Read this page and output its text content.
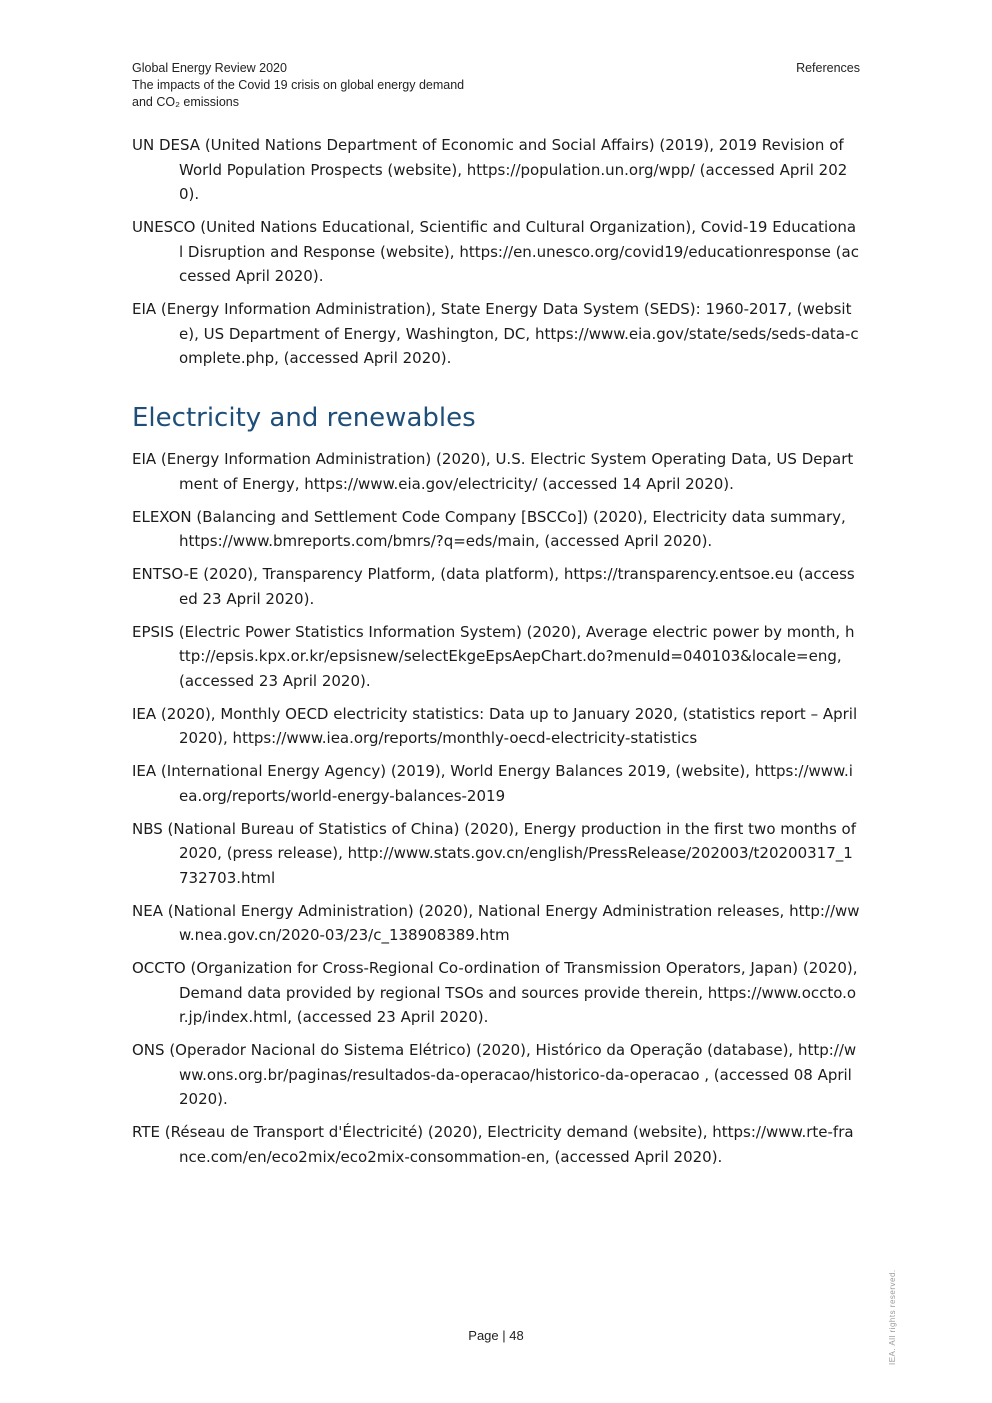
Global Energy Review 2020
The impacts of the Covid 19 crisis on global energy demand
and CO₂ emissions
References

UN DESA (United Nations Department of Economic and Social Affairs) (2019), 2019 Revision of World Population Prospects (website), https://population.un.org/wpp/ (accessed April 2020).

UNESCO (United Nations Educational, Scientific and Cultural Organization), Covid-19 Educational Disruption and Response (website), https://en.unesco.org/covid19/educationresponse (accessed April 2020).

EIA (Energy Information Administration), State Energy Data System (SEDS): 1960-2017, (website), US Department of Energy, Washington, DC, https://www.eia.gov/state/seds/seds-data-complete.php, (accessed April 2020).

Electricity and renewables

EIA (Energy Information Administration) (2020), U.S. Electric System Operating Data, US Department of Energy, https://www.eia.gov/electricity/ (accessed 14 April 2020).

ELEXON (Balancing and Settlement Code Company [BSCCo]) (2020), Electricity data summary, https://www.bmreports.com/bmrs/?q=eds/main, (accessed April 2020).

ENTSO-E (2020), Transparency Platform, (data platform), https://transparency.entsoe.eu (accessed 23 April 2020).

EPSIS (Electric Power Statistics Information System) (2020), Average electric power by month, http://epsis.kpx.or.kr/epsisnew/selectEkgeEpsAepChart.do?menuId=040103&locale=eng, (accessed 23 April 2020).

IEA (2020), Monthly OECD electricity statistics: Data up to January 2020, (statistics report – April 2020), https://www.iea.org/reports/monthly-oecd-electricity-statistics

IEA (International Energy Agency) (2019), World Energy Balances 2019, (website), https://www.iea.org/reports/world-energy-balances-2019

NBS (National Bureau of Statistics of China) (2020), Energy production in the first two months of 2020, (press release), http://www.stats.gov.cn/english/PressRelease/202003/t20200317_1732703.html

NEA (National Energy Administration) (2020), National Energy Administration releases, http://www.nea.gov.cn/2020-03/23/c_138908389.htm

OCCTO (Organization for Cross-Regional Co-ordination of Transmission Operators, Japan) (2020), Demand data provided by regional TSOs and sources provide therein, https://www.occto.or.jp/index.html, (accessed 23 April 2020).

ONS (Operador Nacional do Sistema Elétrico) (2020), Histórico da Operação (database), http://www.ons.org.br/paginas/resultados-da-operacao/historico-da-operacao , (accessed 08 April 2020).

RTE (Réseau de Transport d'Électricité) (2020), Electricity demand (website), https://www.rte-france.com/en/eco2mix/eco2mix-consommation-en, (accessed April 2020).

Page | 48	IEA. All rights reserved.
